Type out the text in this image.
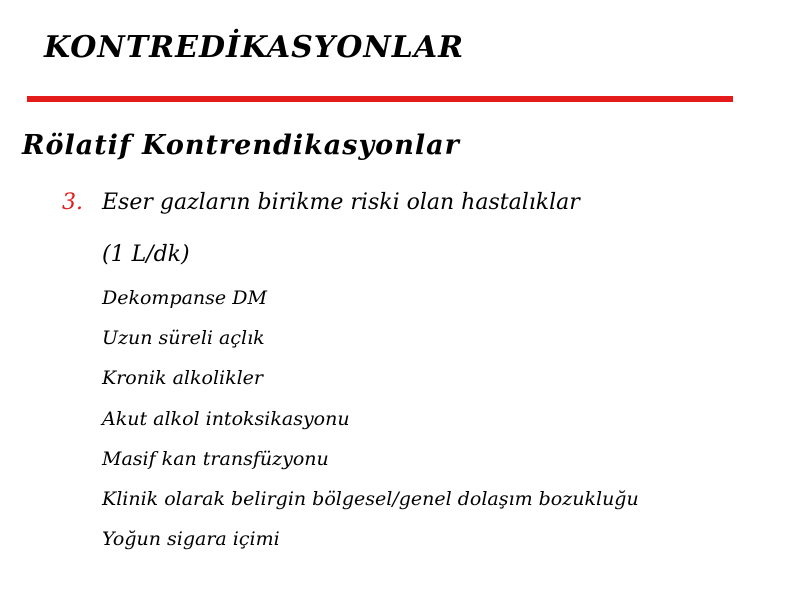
KONTREDİKASYONLAR
Rölatif Kontrendikasyonlar
3. Eser gazların birikme riski olan hastalıklar
(1 L/dk)
Dekompanse DM
Uzun süreli açlık
Kronik alkolikler
Akut alkol intoksikasyonu
Masif kan transfüzyonu
Klinik olarak belirgin bölgesel/genel dolaşım bozukluğu
Yoğun sigara içimi
